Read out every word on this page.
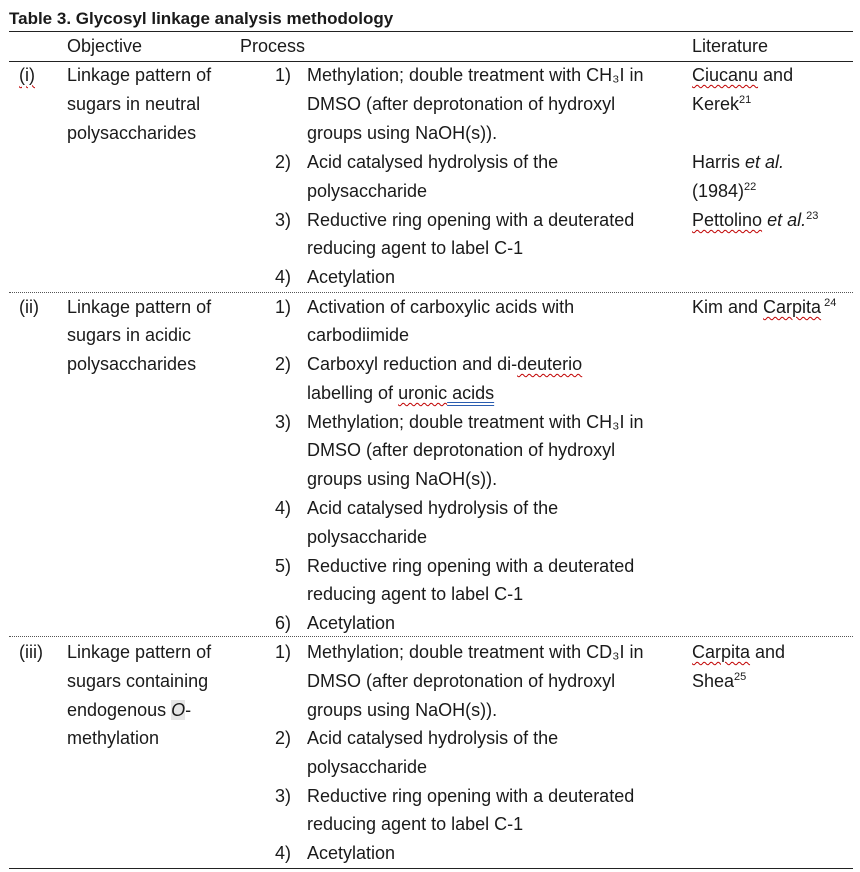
Table 3. Glycosyl linkage analysis methodology
Objective	Process	Literature
(i) Linkage pattern of
sugars in neutral
polysaccharides
1) Methylation; double treatment with CH₃I in
DMSO (after deprotonation of hydroxyl
groups using NaOH(s)).
2) Acid catalysed hydrolysis of the
polysaccharide
3) Reductive ring opening with a deuterated
reducing agent to label C-1
4) Acetylation
Ciucanu and
Kerek$^{21}$
Harris et al.
$(1984)^{22}$
Pettolino et al.$^{23}$
(ii) Linkage pattern of
sugars in acidic
polysaccharides
1) Activation of carboxylic acids with
carbodiimide
2) Carboxyl reduction and di-deuterio
labelling of uronic acids
3) Methylation; double treatment with CH₃I in
DMSO (after deprotonation of hydroxyl
groups using NaOH(s)).
4) Acid catalysed hydrolysis of the
polysaccharide
5) Reductive ring opening with a deuterated
reducing agent to label C-1
6) Acetylation
Kim and Carpita $^{24}$
(iii) Linkage pattern of
sugars containing
endogenous O-
methylation
1) Methylation; double treatment with CD₃I in
DMSO (after deprotonation of hydroxyl
groups using NaOH(s)).
2) Acid catalysed hydrolysis of the
polysaccharide
3) Reductive ring opening with a deuterated
reducing agent to label C-1
4) Acetylation
Carpita and
Shea$^{25}$
